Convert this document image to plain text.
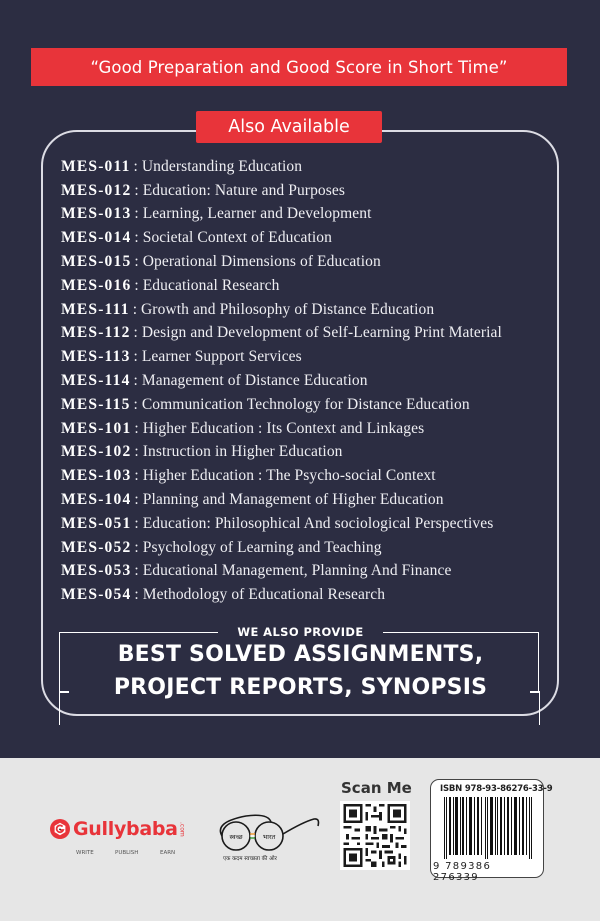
“Good Preparation and Good Score in Short Time”
Also Available
MES-011 : Understanding Education
MES-012 : Education: Nature and Purposes
MES-013 : Learning, Learner and Development
MES-014 : Societal Context of Education
MES-015 : Operational Dimensions of Education
MES-016 : Educational Research
MES-111 : Growth and Philosophy of Distance Education
MES-112 : Design and Development of Self-Learning Print Material
MES-113 : Learner Support Services
MES-114 : Management of Distance Education
MES-115 : Communication Technology for Distance Education
MES-101 : Higher Education : Its Context and Linkages
MES-102 : Instruction in Higher Education
MES-103 : Higher Education : The Psycho-social Context
MES-104 : Planning and Management of Higher Education
MES-051 : Education: Philosophical And sociological Perspectives
MES-052 : Psychology of Learning and Teaching
MES-053 : Educational Management, Planning And Finance
MES-054 : Methodology of Educational Research
WE ALSO PROVIDE
BEST SOLVED ASSIGNMENTS,
PROJECT REPORTS, SYNOPSIS
Gullybaba .com
WRITE	PUBLISH	EARN
स्वच्छ	भारत
एक कदम स्वच्छता की ओर
Scan Me	ISBN 978-93-86276-33-9
9 789386 276339
